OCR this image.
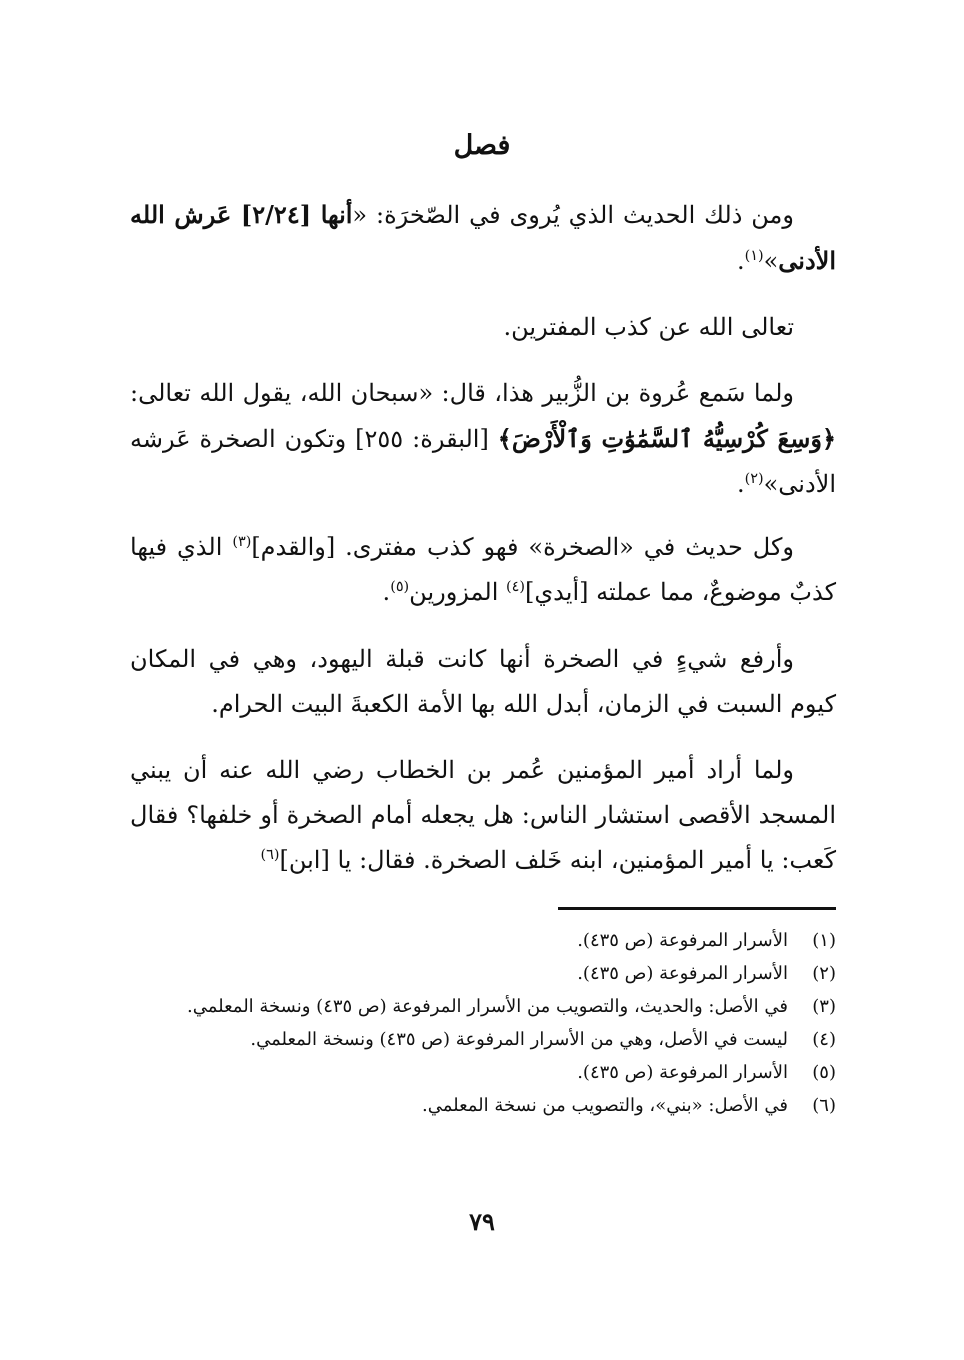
فصل
ومن ذلك الحديث الذي يُروى في الصّخرَة: «أنها [٢/٢٤] عَرش الله الأدنى»$^{(١)}$.
تعالى الله عن كذب المفترين.
ولما سَمع عُروة بن الزُّبير هذا، قال: «سبحان الله، يقول الله تعالى: ﴿وَسِعَ كُرْسِيُّهُ ٱلسَّمَٰوَٰتِ وَٱلْأَرْضَ﴾ [البقرة: ٢٥٥] وتكون الصخرة عَرشه الأدنى»$^{(٢)}$.
وكل حديث في «الصخرة» فهو كذب مفترى. [والقدم]$^{(٣)}$ الذي فيها كذبٌ موضوعٌ، مما عملته [أيدي]$^{(٤)}$ المزورين$^{(٥)}$.
وأرفع شيءٍ في الصخرة أنها كانت قبلة اليهود، وهي في المكان كيوم السبت في الزمان، أبدل الله بها الأمة الكعبةَ البيت الحرام.
ولما أراد أمير المؤمنين عُمر بن الخطاب رضي الله عنه أن يبني المسجد الأقصى استشار الناس: هل يجعله أمام الصخرة أو خلفها؟ فقال كَعب: يا أمير المؤمنين، ابنه خَلف الصخرة. فقال: يا [ابن]$^{(٦)}$
(١)
الأسرار المرفوعة (ص ٤٣٥).
(٢)
الأسرار المرفوعة (ص ٤٣٥).
(٣)
في الأصل: والحديث، والتصويب من الأسرار المرفوعة (ص ٤٣٥) ونسخة المعلمي.
(٤)
ليست في الأصل، وهي من الأسرار المرفوعة (ص ٤٣٥) ونسخة المعلمي.
(٥)
الأسرار المرفوعة (ص ٤٣٥).
(٦)
في الأصل: «بني»، والتصويب من نسخة المعلمي.
٧٩
